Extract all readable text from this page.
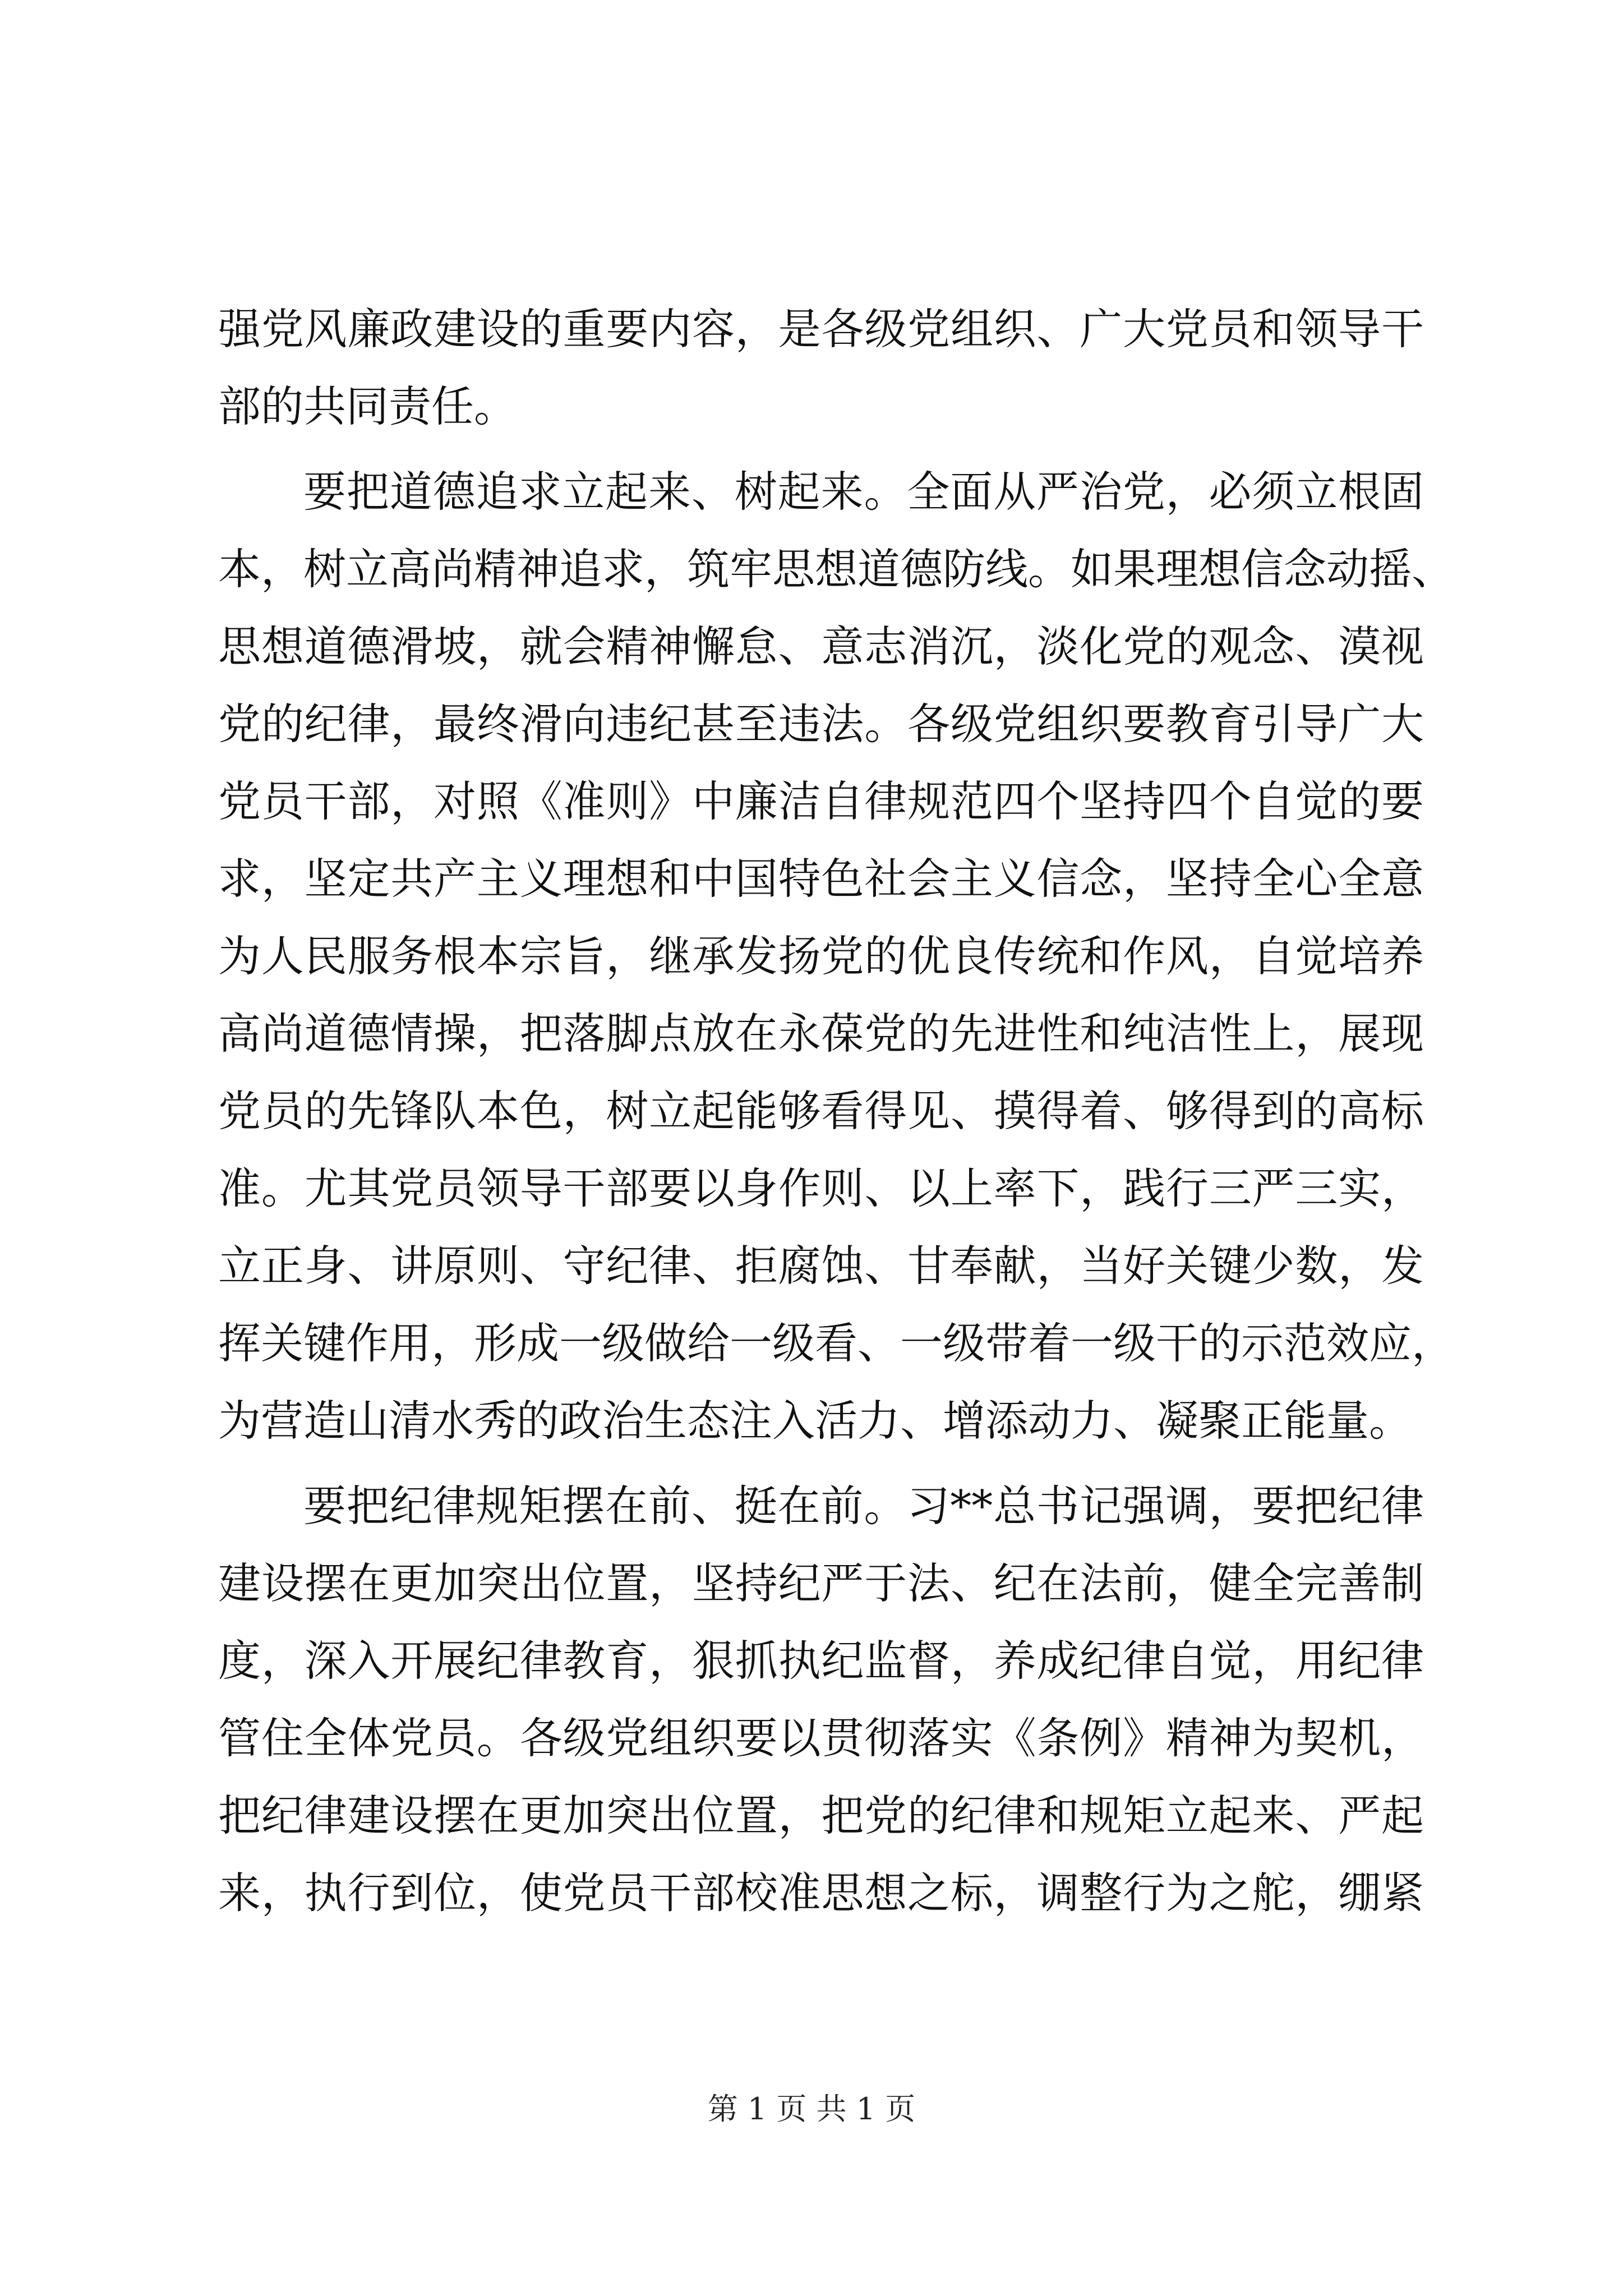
强党风廉政建设的重要内容，是各级党组织、广大党员和领导干
部的共同责任。
要把道德追求立起来、树起来。全面从严治党，必须立根固
本，树立高尚精神追求，筑牢思想道德防线。如果理想信念动摇、
思想道德滑坡，就会精神懈怠、意志消沉，淡化党的观念、漠视
党的纪律，最终滑向违纪甚至违法。各级党组织要教育引导广大
党员干部，对照《准则》中廉洁自律规范四个坚持四个自觉的要
求，坚定共产主义理想和中国特色社会主义信念，坚持全心全意
为人民服务根本宗旨，继承发扬党的优良传统和作风，自觉培养
高尚道德情操，把落脚点放在永葆党的先进性和纯洁性上，展现
党员的先锋队本色，树立起能够看得见、摸得着、够得到的高标
准。尤其党员领导干部要以身作则、以上率下，践行三严三实，
立正身、讲原则、守纪律、拒腐蚀、甘奉献，当好关键少数，发
挥关键作用，形成一级做给一级看、一级带着一级干的示范效应，
为营造山清水秀的政治生态注入活力、增添动力、凝聚正能量。
要把纪律规矩摆在前、挺在前。习**总书记强调，要把纪律
建设摆在更加突出位置，坚持纪严于法、纪在法前，健全完善制
度，深入开展纪律教育，狠抓执纪监督，养成纪律自觉，用纪律
管住全体党员。各级党组织要以贯彻落实《条例》精神为契机，
把纪律建设摆在更加突出位置，把党的纪律和规矩立起来、严起
来，执行到位，使党员干部校准思想之标，调整行为之舵，绷紧
第 1 页 共 1 页
